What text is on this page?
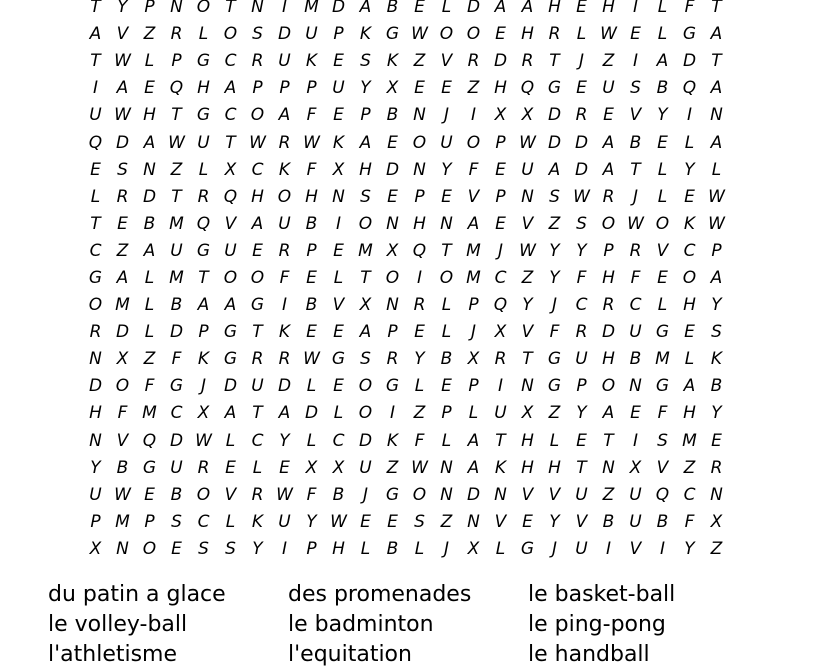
T Y P N O T N	I	M D A B E L D A A H E H	I	L	F T
A V Z R L O S D U P K G W O O E H R L W E L G A
T W L	P G C R U K E S K Z V R D R T	J	Z	I	A D T
I	A E Q H A P P P U Y X E E Z H Q G E U S B Q A
U W H T G C O A F E P B N	J	I	X X D R E V Y	I	N
Q D A W U T W R W K A E O U O P W D D A B E L A
E S N Z L X C K F X H D N Y F E U A D A T	L	Y	L
L R D T R Q H O H N S E P E V P N S W R	J	L E W
T E B M Q V A U B	I	O N H N A E V Z S O W O K W
C Z A U G U E R P E M X Q T M	J W Y Y P R V C P
G A L M T O O F E L	T O	I	O M C Z Y F H F E O A
O M L B A A G	I	B V X N R L	P Q Y	J	C R C L H Y
R D L D P G T K E E A P E L	J	X V F R D U G E S
N X Z F K G R R W G S R Y B X R T G U H B M L K
D O F G	J	D U D L E O G L E P	I	N G P O N G A B
H F M C X A T A D L O	I	Z P	L U X Z Y A E F H Y
N V Q D W L C Y	L C D K F	L A T H L E T	I	S M E
Y B G U R E L E X X U Z W N A K H H T N X V Z R
U W E B O V R W F B	J	G O N D N V V U Z U Q C N
P M P S C L K U Y W E E S Z N V E Y V B U B F X
X N O E S S Y	I	P H L B L	J	X L G	J	U	I	V	I	Y Z
du patin a glace	des promenades	le basket-ball
le volley-ball	le badminton	le ping-pong
l'athletisme	l'equitation	le handball
